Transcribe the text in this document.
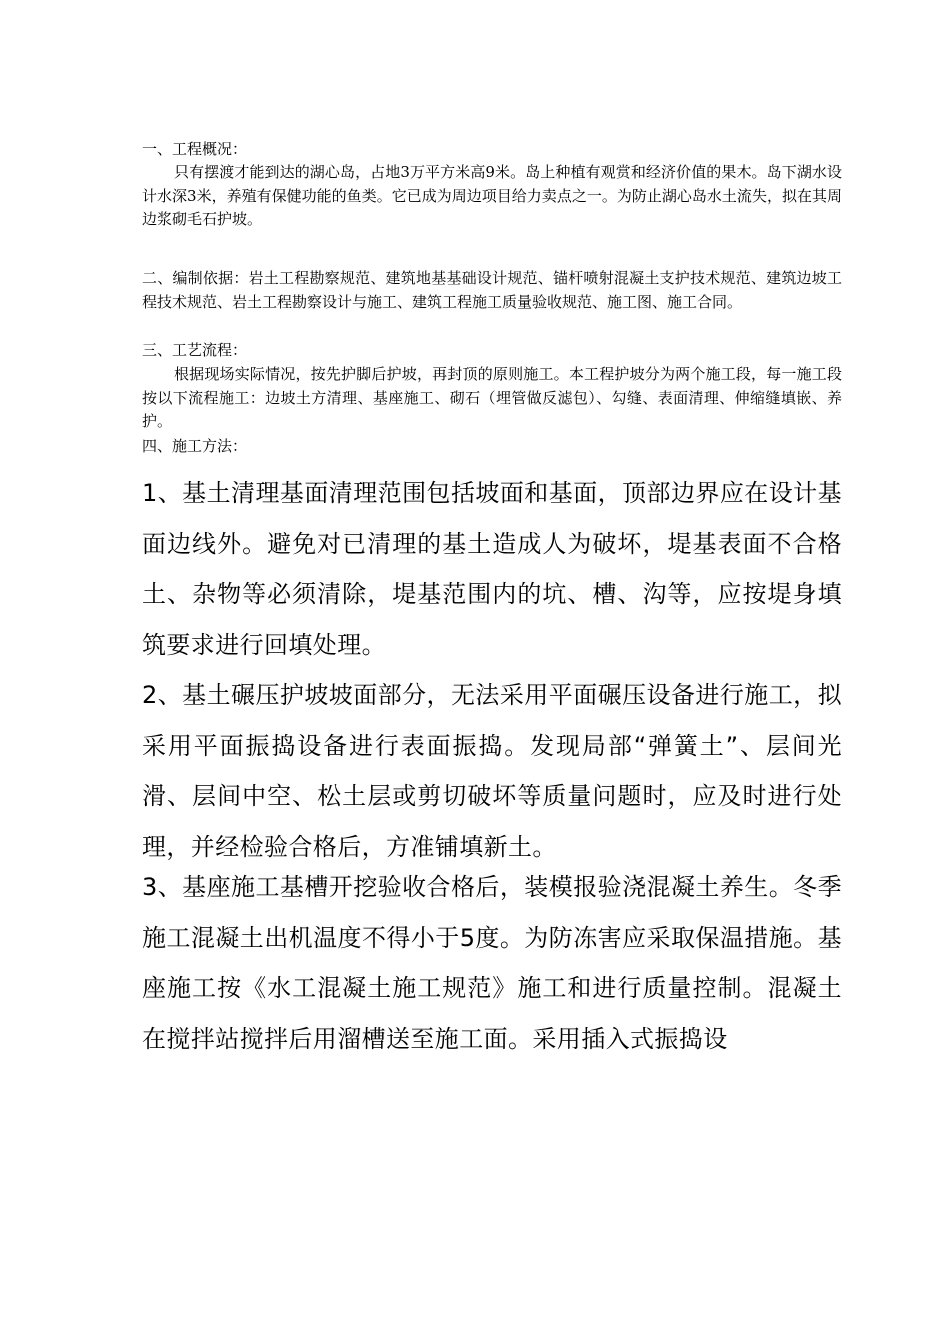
一、工程概况：

只有摆渡才能到达的湖心岛，占地3万平方米高9米。岛上种植有观赏和经济价值的果木。岛下湖水设计水深3米，养殖有保健功能的鱼类。它已成为周边项目给力卖点之一。为防止湖心岛水土流失，拟在其周边浆砌毛石护坡。

二、编制依据：岩土工程勘察规范、建筑地基基础设计规范、锚杆喷射混凝土支护技术规范、建筑边坡工程技术规范、岩土工程勘察设计与施工、建筑工程施工质量验收规范、施工图、施工合同。

三、工艺流程：

根据现场实际情况，按先护脚后护坡，再封顶的原则施工。本工程护坡分为两个施工段，每一施工段按以下流程施工：边坡土方清理、基座施工、砌石（埋管做反滤包）、勾缝、表面清理、伸缩缝填嵌、养护。

四、施工方法：

1、基土清理基面清理范围包括坡面和基面，顶部边界应在设计基面边线外。避免对已清理的基土造成人为破坏，堤基表面不合格土、杂物等必须清除，堤基范围内的坑、槽、沟等，应按堤身填筑要求进行回填处理。

2、基土碾压护坡坡面部分，无法采用平面碾压设备进行施工，拟采用平面振捣设备进行表面振捣。发现局部“弹簧土”、层间光滑、层间中空、松土层或剪切破坏等质量问题时，应及时进行处理，并经检验合格后，方准铺填新土。

3、基座施工基槽开挖验收合格后，装模报验浇混凝土养生。冬季施工混凝土出机温度不得小于5度。为防冻害应采取保温措施。基座施工按《水工混凝土施工规范》施工和进行质量控制。混凝土在搅拌站搅拌后用溜槽送至施工面。采用插入式振捣设
